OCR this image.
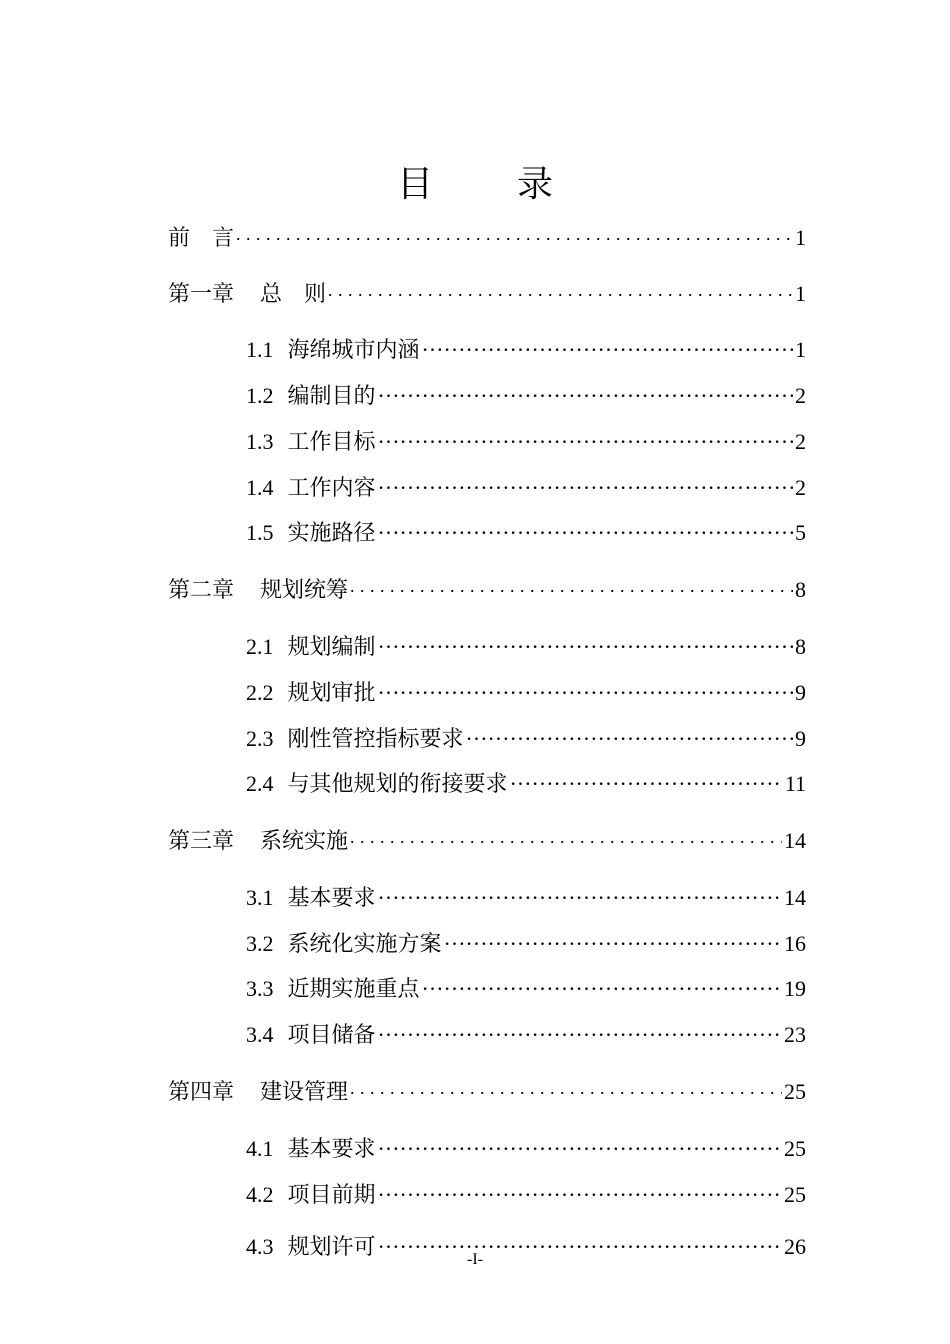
目　录
前　言 . . .	1
第一章 总　则 . . .	1
1.1 海绵城市内涵 ……………………………………………………………………………………………………………………	1
1.2 编制目的 ……………………………………………………………………………………………………………………	2
1.3 工作目标 ……………………………………………………………………………………………………………………	2
1.4 工作内容 ……………………………………………………………………………………………………………………	2
1.5 实施路径 ……………………………………………………………………………………………………………………	5
第二章 规划统筹 . . .	8
2.1 规划编制 ……………………………………………………………………………………………………………………	8
2.2 规划审批 ……………………………………………………………………………………………………………………	9
2.3 刚性管控指标要求 ……………………………………………………………………………………………………………………	9
2.4 与其他规划的衔接要求 ……………………………………………………………………………………………………………………	11
第三章 系统实施 . . .	14
3.1 基本要求 ……………………………………………………………………………………………………………………	14
3.2 系统化实施方案 ……………………………………………………………………………………………………………………	16
3.3 近期实施重点 ……………………………………………………………………………………………………………………	19
3.4 项目储备 ……………………………………………………………………………………………………………………	23
第四章 建设管理 . . .	25
4.1 基本要求 ……………………………………………………………………………………………………………………	25
4.2 项目前期 ……………………………………………………………………………………………………………………	25
4.3 规划许可 ……………………………………………………………………………………………………………………	26
-I-
